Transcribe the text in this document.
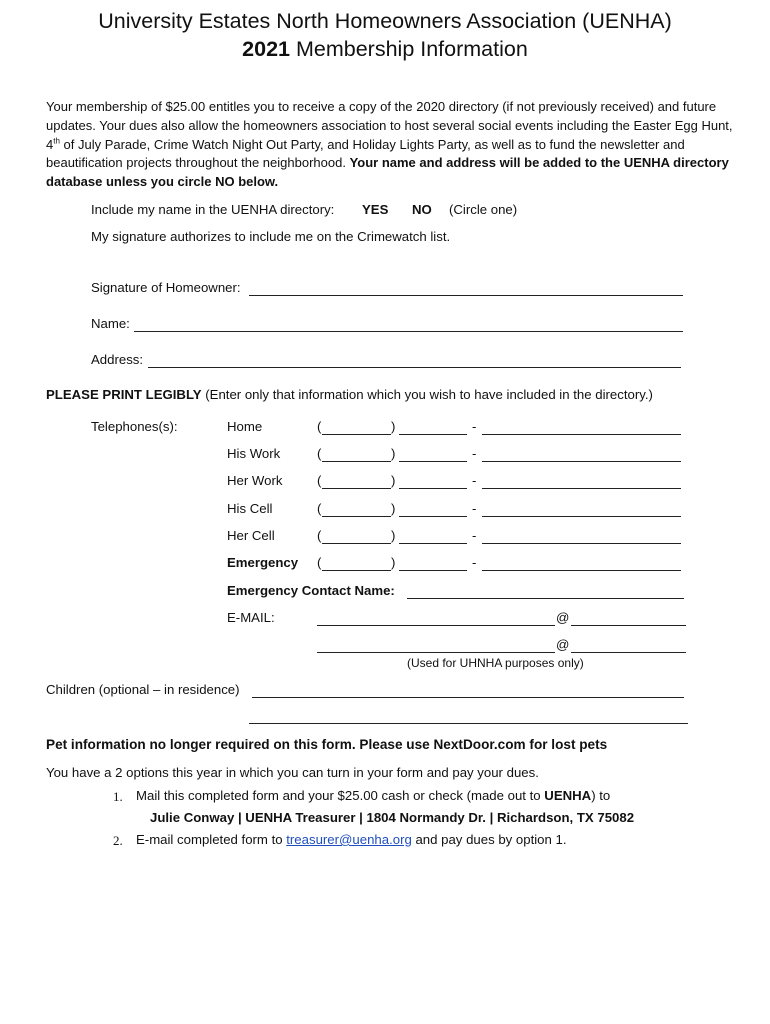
University Estates North Homeowners Association (UENHA)
2021 Membership Information
Your membership of $25.00 entitles you to receive a copy of the 2020 directory (if not previously received) and future updates. Your dues also allow the homeowners association to host several social events including the Easter Egg Hunt, 4th of July Parade, Crime Watch Night Out Party, and Holiday Lights Party, as well as to fund the newsletter and beautification projects throughout the neighborhood. Your name and address will be added to the UENHA directory database unless you circle NO below.
Include my name in the UENHA directory: YES NO (Circle one)
My signature authorizes to include me on the Crimewatch list.
Signature of Homeowner:
Name:
Address:
PLEASE PRINT LEGIBLY (Enter only that information which you wish to have included in the directory.)
Telephones(s):	Home	(	)	-
His Work	(	)	-
Her Work	(	)	-
His Cell	(	)	-
Her Cell	(	)	-
Emergency (	)	-
Emergency Contact Name:
E-MAIL:	@
@
(Used for UHNHA purposes only)
Children (optional – in residence)
Pet information no longer required on this form. Please use NextDoor.com for lost pets
You have a 2 options this year in which you can turn in your form and pay your dues.
1. Mail this completed form and your $25.00 cash or check (made out to UENHA) to
Julie Conway | UENHA Treasurer | 1804 Normandy Dr. | Richardson, TX 75082
2. E-mail completed form to treasurer@uenha.org and pay dues by option 1.
